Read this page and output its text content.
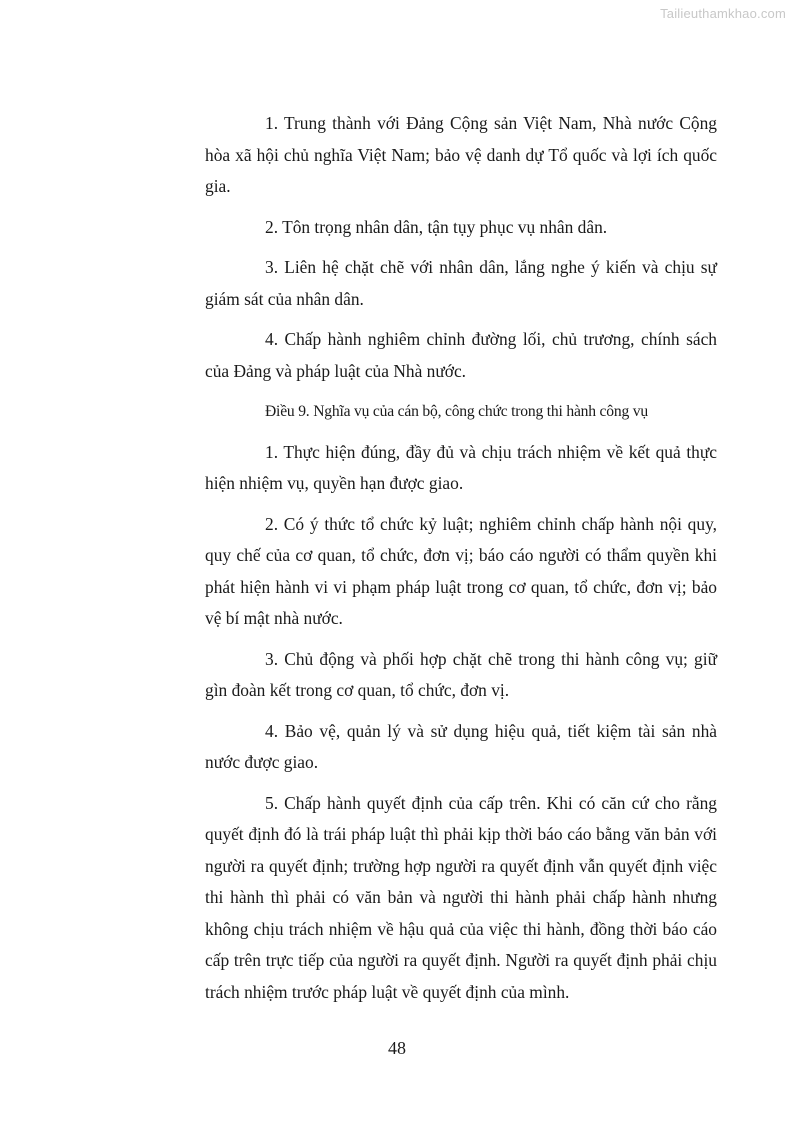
Tailieuthamkhao.com

1. Trung thành với Đảng Cộng sản Việt Nam, Nhà nước Cộng hòa xã hội chủ nghĩa Việt Nam; bảo vệ danh dự Tổ quốc và lợi ích quốc gia.

2. Tôn trọng nhân dân, tận tụy phục vụ nhân dân.

3. Liên hệ chặt chẽ với nhân dân, lắng nghe ý kiến và chịu sự giám sát của nhân dân.

4. Chấp hành nghiêm chỉnh đường lối, chủ trương, chính sách của Đảng và pháp luật của Nhà nước.

Điều 9. Nghĩa vụ của cán bộ, công chức trong thi hành công vụ

1. Thực hiện đúng, đầy đủ và chịu trách nhiệm về kết quả thực hiện nhiệm vụ, quyền hạn được giao.

2. Có ý thức tổ chức kỷ luật; nghiêm chỉnh chấp hành nội quy, quy chế của cơ quan, tổ chức, đơn vị; báo cáo người có thẩm quyền khi phát hiện hành vi vi phạm pháp luật trong cơ quan, tổ chức, đơn vị; bảo vệ bí mật nhà nước.

3. Chủ động và phối hợp chặt chẽ trong thi hành công vụ; giữ gìn đoàn kết trong cơ quan, tổ chức, đơn vị.

4. Bảo vệ, quản lý và sử dụng hiệu quả, tiết kiệm tài sản nhà nước được giao.

5. Chấp hành quyết định của cấp trên. Khi có căn cứ cho rằng quyết định đó là trái pháp luật thì phải kịp thời báo cáo bằng văn bản với người ra quyết định; trường hợp người ra quyết định vẫn quyết định việc thi hành thì phải có văn bản và người thi hành phải chấp hành nhưng không chịu trách nhiệm về hậu quả của việc thi hành, đồng thời báo cáo cấp trên trực tiếp của người ra quyết định. Người ra quyết định phải chịu trách nhiệm trước pháp luật về quyết định của mình.

48
